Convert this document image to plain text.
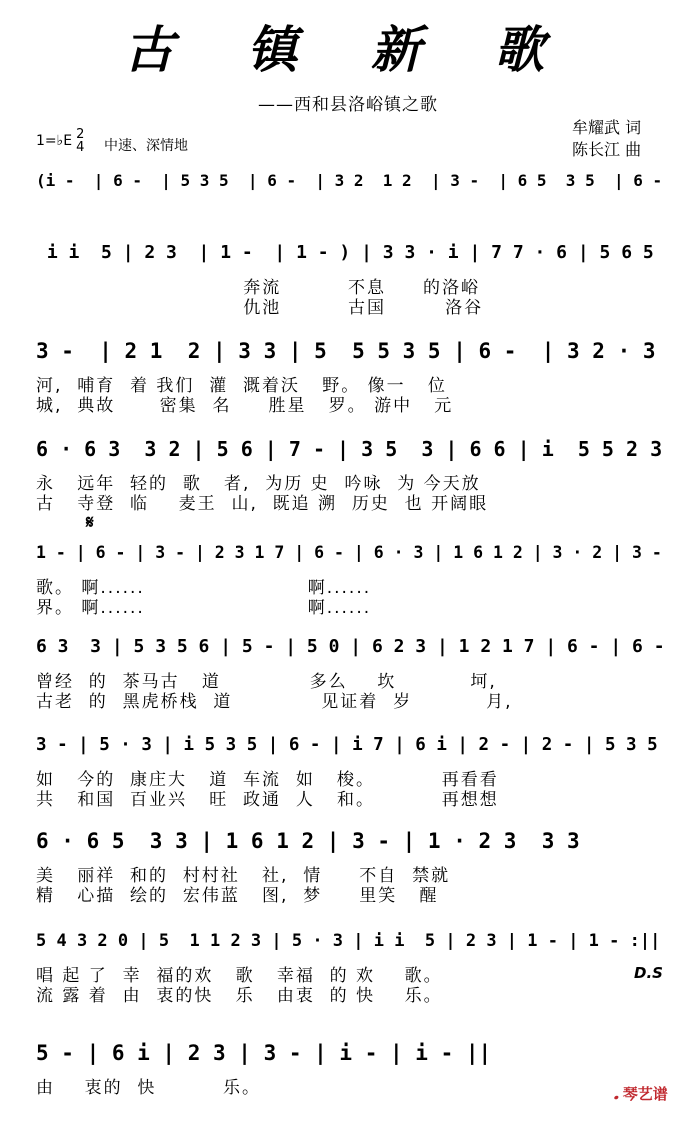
古 镇 新 歌
——西和县洛峪镇之歌
牟耀武 词
陈长江 曲
1=♭E 2
4 中速、深情地
𝄋
(i -  | 6 -  | 5 3 5  | 6 -  | 3 2  1 2  | 3 -  | 6 5  3 5  | 6 -
i i  5 | 2 3  | 1 -  | 1 - ) | 3 3 · i | 7 7 · 6 | 5 6 5
奔流         不息     的洛峪
仇池         古国        洛谷
3 -  | 2 1  2 | 3 3 | 5  5 5 3 5 | 6 -  | 3 2 · 3
河,  哺育  着 我们  灌  溉着沃   野。 像一   位
城,  典故      密集  名     胜星   罗。 游中   元
6 · 6 3  3 2 | 5 6 | 7 - | 3 5  3 | 6 6 | i  5 5 2 3
永   远年  轻的  歌   者,  为历 史  吟咏  为 今天放
古   寺登  临    麦王  山,  既追 溯  历史  也 开阔眼
1 - | 6 - | 3 - | 2 3 1 7 | 6 - | 6 · 3 | 1 6 1 2 | 3 · 2 | 3 -
歌。 啊......                      啊......
界。 啊......                      啊......
6 3  3 | 5 3 5 6 | 5 - | 5 0 | 6 2 3 | 1 2 1 7 | 6 - | 6 -
曾经  的  茶马古   道            多么    坎          坷,
古老  的  黑虎桥栈  道            见证着  岁          月,
3 - | 5 · 3 | i 5 3 5 | 6 - | i 7 | 6 i | 2 - | 2 - | 5 3 5
如   今的  康庄大   道  车流  如   梭。         再看看
共   和国  百业兴   旺  政通  人   和。         再想想
6 · 6 5  3 3 | 1 6 1 2 | 3 - | 1 · 2 3  3 3
美   丽祥  和的  村村社   社,  情     不自  禁就
精   心描  绘的  宏伟蓝   图,  梦     里笑   醒
5 4 3 2 0 | 5  1 1 2 3 | 5 · 3 | i i  5 | 2 3 | 1 - | 1 - :||
唱 起 了  幸  福的欢   歌   幸福  的 欢    歌。
流 露 着  由  衷的快   乐   由衷  的 快    乐。
5 - | 6 i | 2 3 | 3 - | i - | i - ||
由    衷的  快         乐。
D.S
𝅘 琴艺谱
